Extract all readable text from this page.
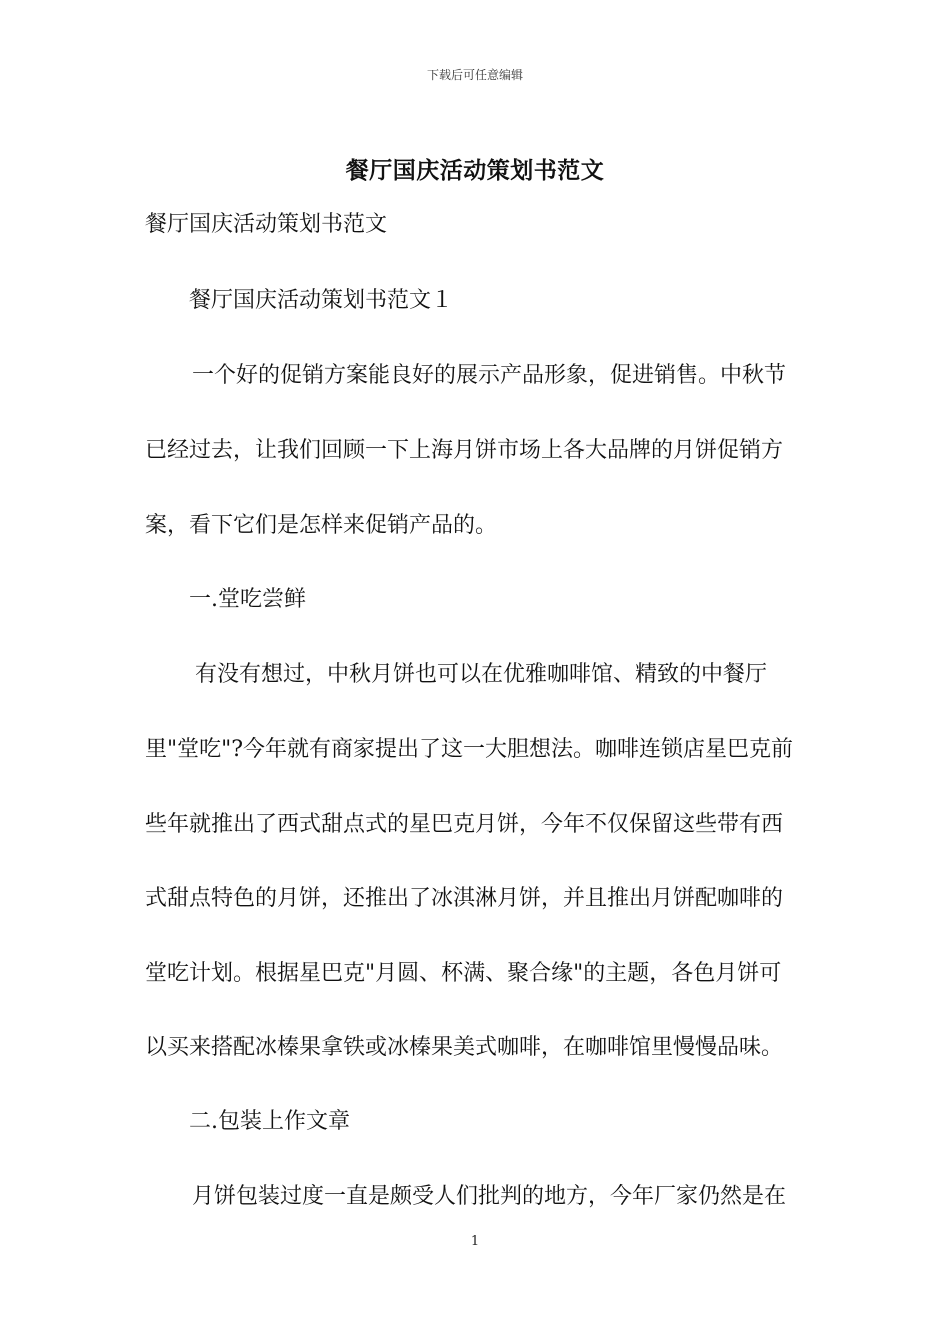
下载后可任意编辑
餐厅国庆活动策划书范文
餐厅国庆活动策划书范文
餐厅国庆活动策划书范文１
一个好的促销方案能良好的展示产品形象，促进销售。中秋节
已经过去，让我们回顾一下上海月饼市场上各大品牌的月饼促销方
案，看下它们是怎样来促销产品的。
一.堂吃尝鲜
有没有想过，中秋月饼也可以在优雅咖啡馆、精致的中餐厅
里"堂吃"?今年就有商家提出了这一大胆想法。咖啡连锁店星巴克前
些年就推出了西式甜点式的星巴克月饼，今年不仅保留这些带有西
式甜点特色的月饼，还推出了冰淇淋月饼，并且推出月饼配咖啡的
堂吃计划。根据星巴克"月圆、杯满、聚合缘"的主题，各色月饼可
以买来搭配冰榛果拿铁或冰榛果美式咖啡，在咖啡馆里慢慢品味。
二.包装上作文章
月饼包装过度一直是颇受人们批判的地方，今年厂家仍然是在
1
